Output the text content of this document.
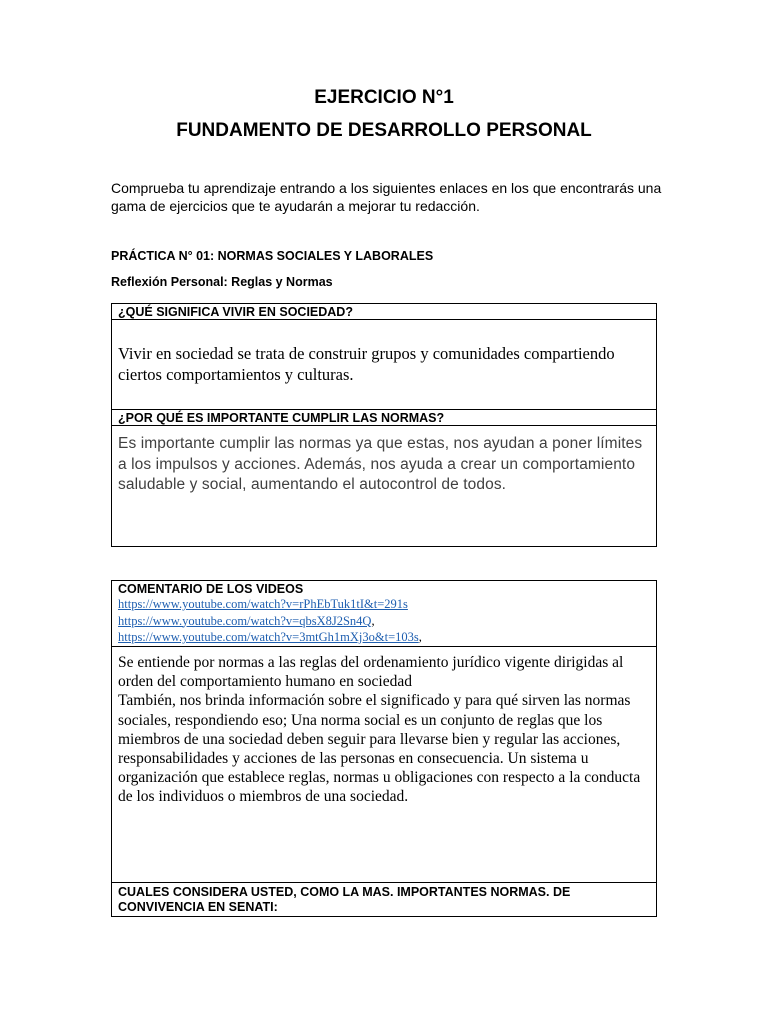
EJERCICIO N°1
FUNDAMENTO DE DESARROLLO PERSONAL
Comprueba tu aprendizaje entrando a los siguientes enlaces en los que encontrarás una gama de ejercicios que te ayudarán a mejorar tu redacción.
PRÁCTICA N° 01: NORMAS SOCIALES Y LABORALES
Reflexión Personal: Reglas y Normas
¿QUÉ SIGNIFICA VIVIR EN SOCIEDAD?
Vivir en sociedad se trata de construir grupos y comunidades compartiendo ciertos comportamientos y culturas.
¿POR QUÉ ES IMPORTANTE CUMPLIR LAS NORMAS?
Es importante cumplir las normas ya que estas, nos ayudan a poner límites a los impulsos y acciones. Además, nos ayuda a crear un comportamiento saludable y social, aumentando el autocontrol de todos.
COMENTARIO DE LOS VIDEOS
https://www.youtube.com/watch?v=rPhEbTuk1tI&t=291s
https://www.youtube.com/watch?v=qbsX8J2Sn4Q,
https://www.youtube.com/watch?v=3mtGh1mXj3o&t=103s,

Se entiende por normas a las reglas del ordenamiento jurídico vigente dirigidas al orden del comportamiento humano en sociedad

También, nos brinda información sobre el significado y para qué sirven las normas sociales, respondiendo eso; Una norma social es un conjunto de reglas que los miembros de una sociedad deben seguir para llevarse bien y regular las acciones, responsabilidades y acciones de las personas en consecuencia. Un sistema u organización que establece reglas, normas u obligaciones con respecto a la conducta de los individuos o miembros de una sociedad.

CUALES CONSIDERA USTED, COMO LA MAS. IMPORTANTES NORMAS. DE CONVIVENCIA EN SENATI:
